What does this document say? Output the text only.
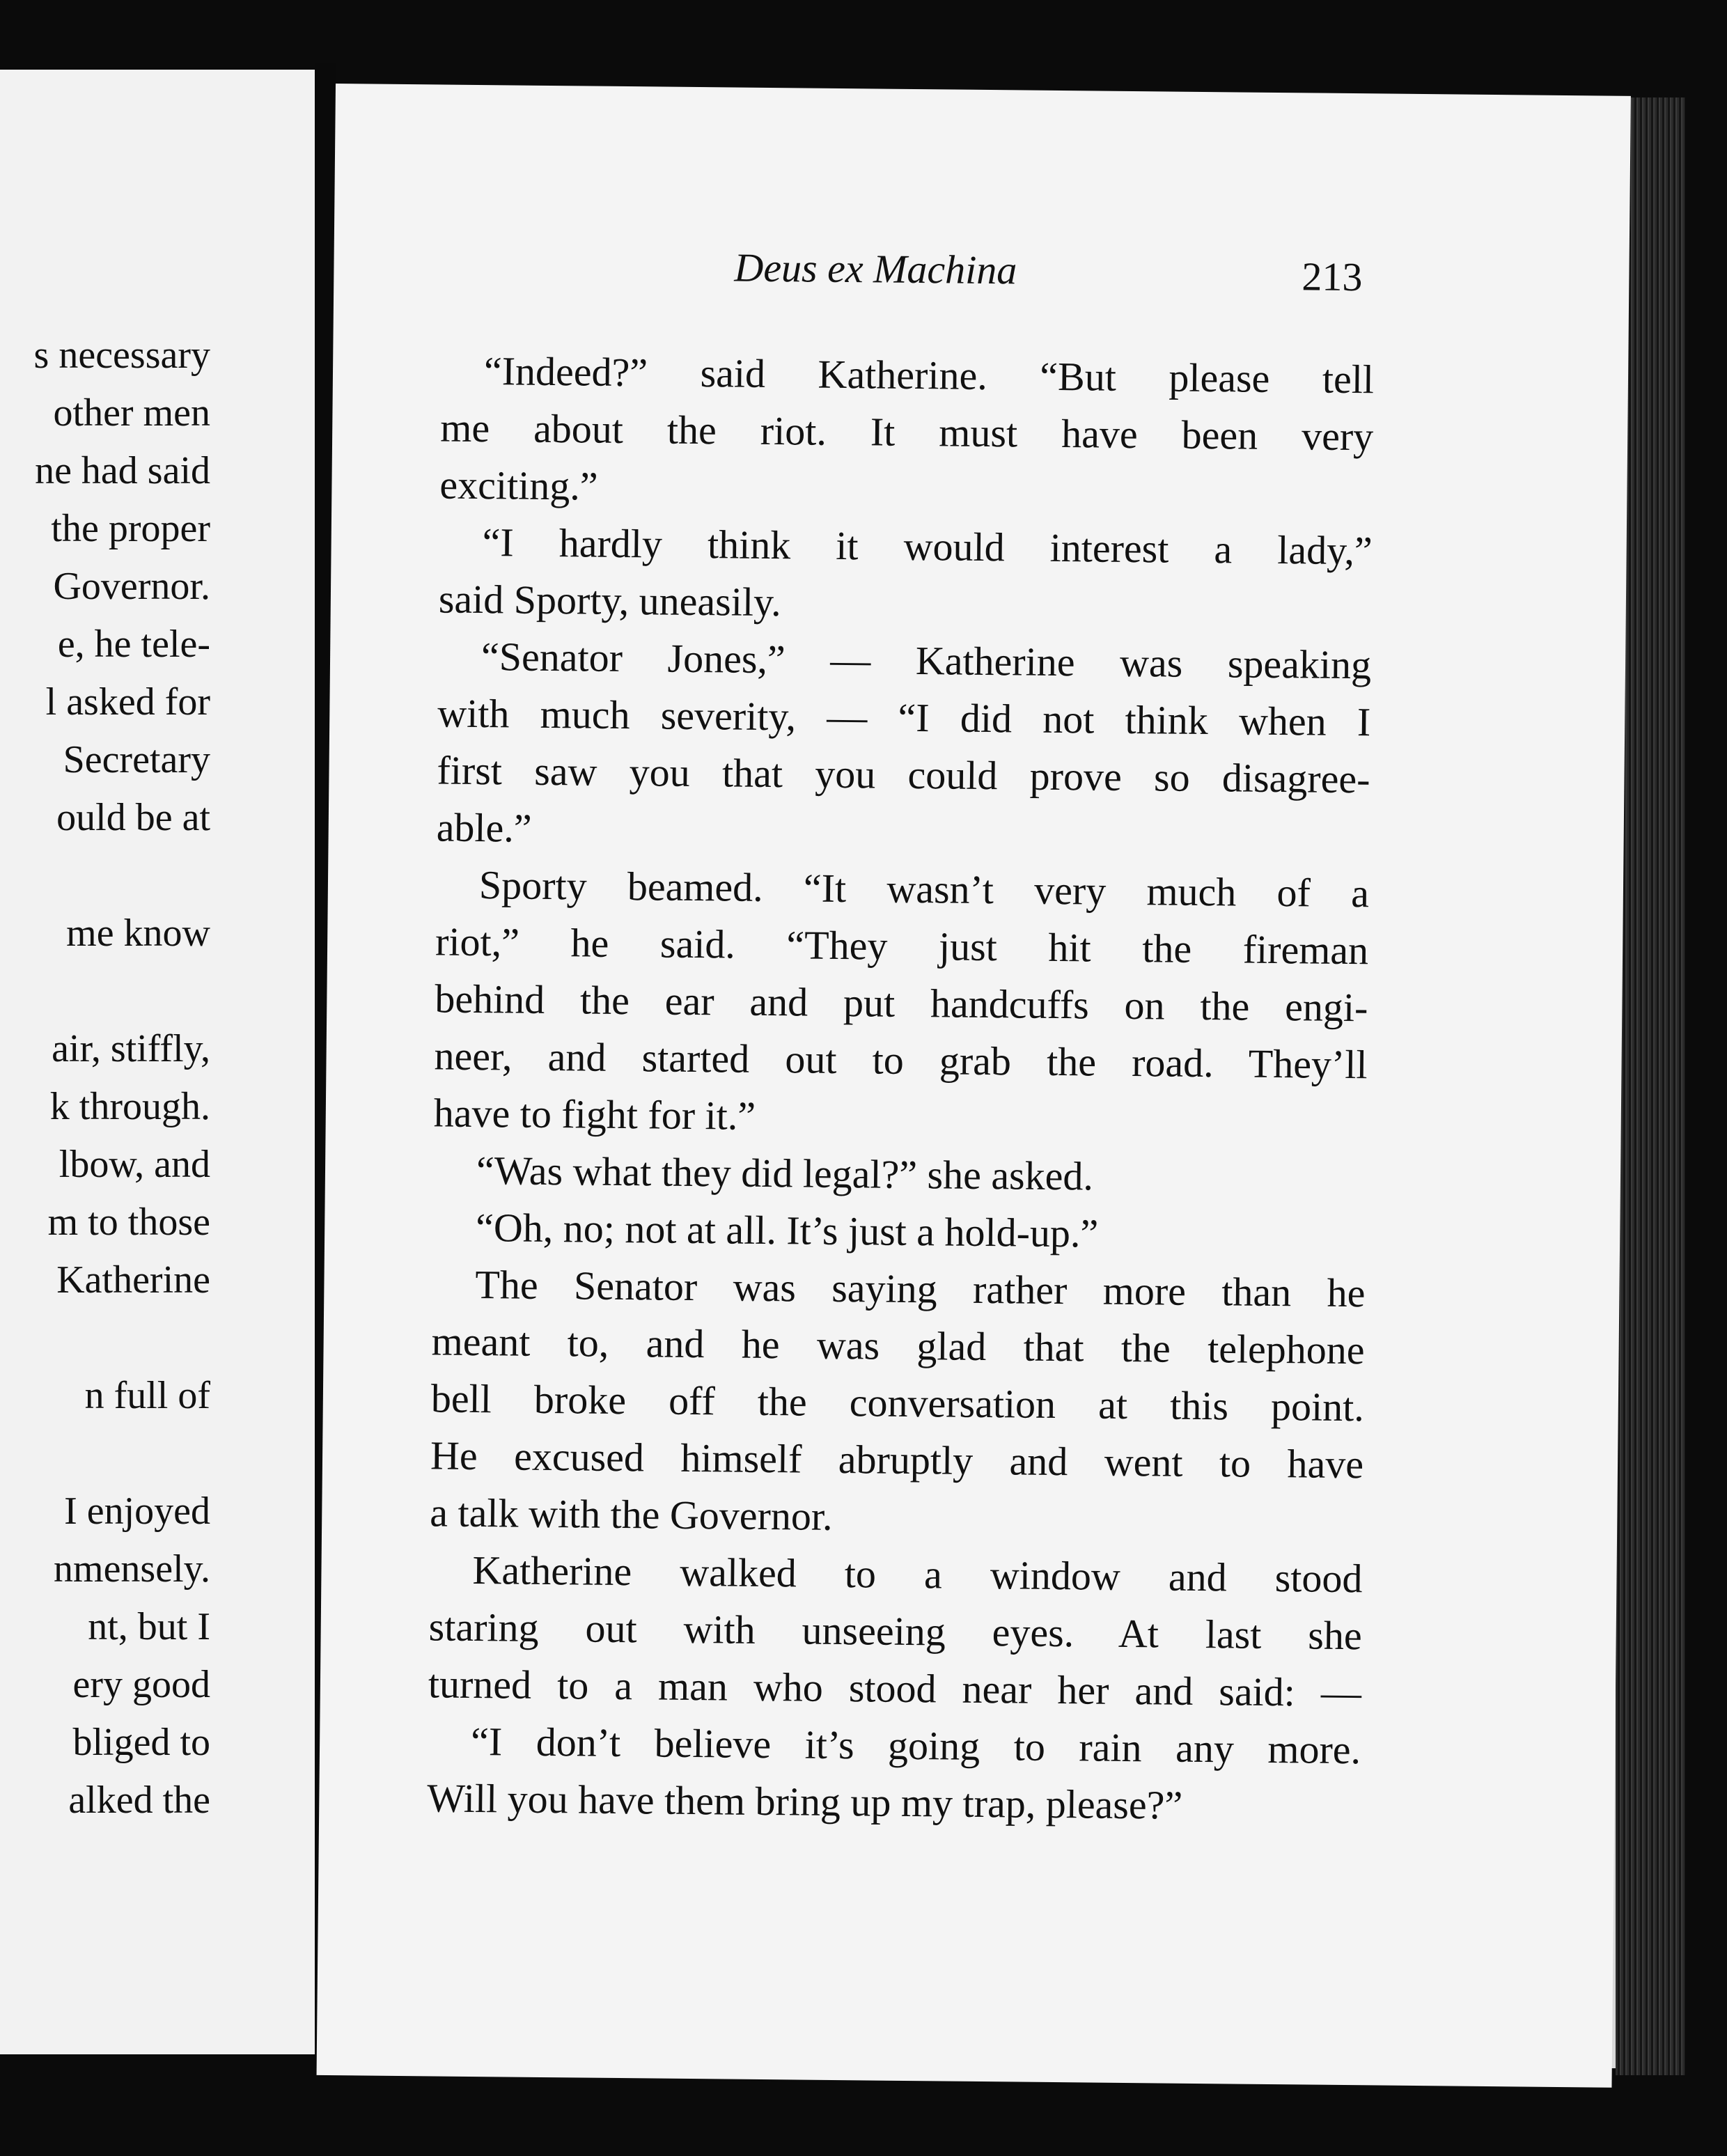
s necessary
other men
ne had said
the proper
Governor.
e, he tele-
l asked for
Secretary
ould be at
me know
air, stiffly,
k through.
lbow, and
m to those
Katherine
n full of
I enjoyed
nmensely.
nt, but I
ery good
bliged to
alked the
Deus ex Machina	213
“Indeed?” said Katherine. “But please tell
me about the riot. It must have been very
exciting.”
“I hardly think it would interest a lady,”
said Sporty, uneasily.
“Senator Jones,” — Katherine was speaking
with much severity, — “I did not think when I
first saw you that you could prove so disagree-
able.”
Sporty beamed. “It wasn’t very much of a
riot,” he said. “They just hit the fireman
behind the ear and put handcuffs on the engi-
neer, and started out to grab the road. They’ll
have to fight for it.”
“Was what they did legal?” she asked.
“Oh, no; not at all. It’s just a hold-up.”
The Senator was saying rather more than he
meant to, and he was glad that the telephone
bell broke off the conversation at this point.
He excused himself abruptly and went to have
a talk with the Governor.
Katherine walked to a window and stood
staring out with unseeing eyes. At last she
turned to a man who stood near her and said: —
“I don’t believe it’s going to rain any more.
Will you have them bring up my trap, please?”
